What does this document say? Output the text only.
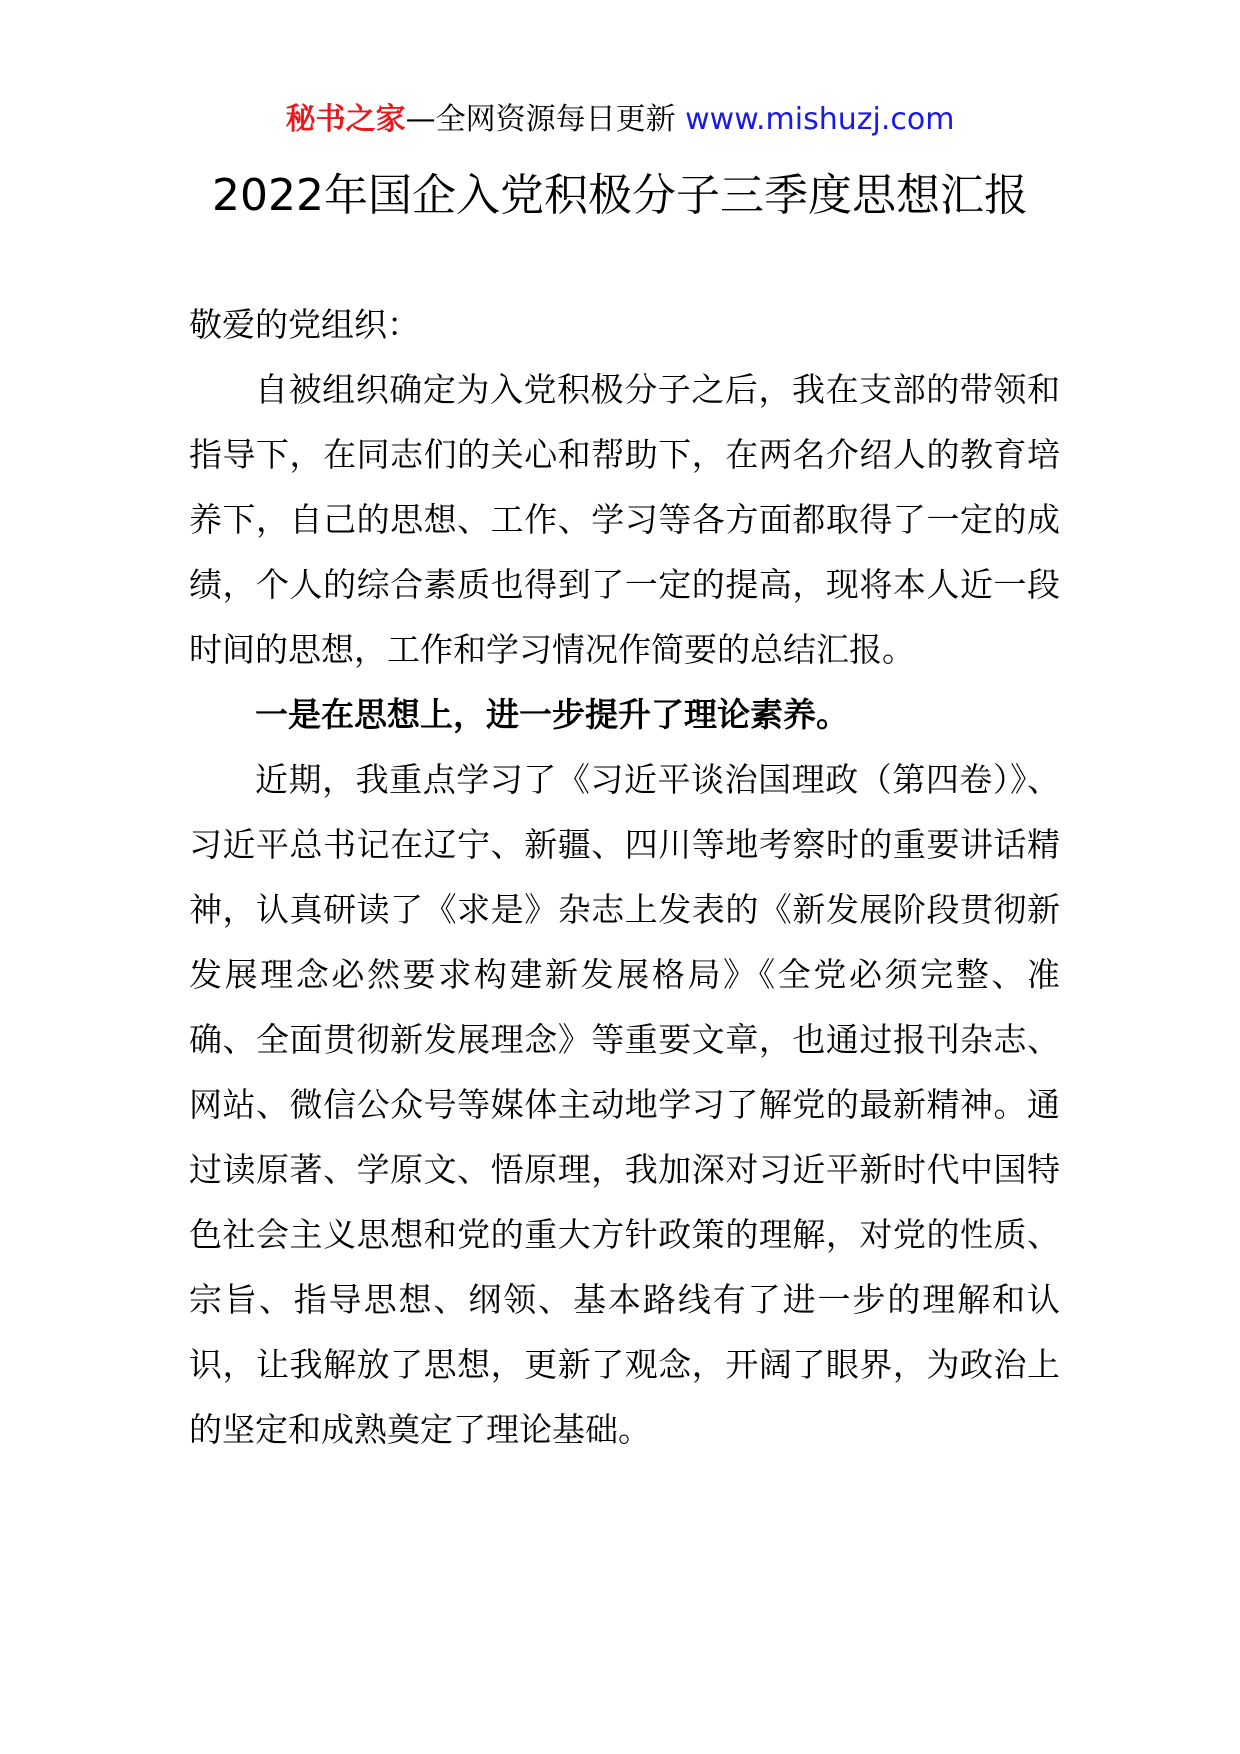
秘书之家—全网资源每日更新 www.mishuzj.com
2022年国企入党积极分子三季度思想汇报

敬爱的党组织：

自被组织确定为入党积极分子之后，我在支部的带领和指导下，在同志们的关心和帮助下，在两名介绍人的教育培养下，自己的思想、工作、学习等各方面都取得了一定的成绩，个人的综合素质也得到了一定的提高，现将本人近一段时间的思想，工作和学习情况作简要的总结汇报。

一是在思想上，进一步提升了理论素养。

近期，我重点学习了《习近平谈治国理政（第四卷）》、习近平总书记在辽宁、新疆、四川等地考察时的重要讲话精神，认真研读了《求是》杂志上发表的《新发展阶段贯彻新发展理念必然要求构建新发展格局》《全党必须完整、准确、全面贯彻新发展理念》等重要文章，也通过报刊杂志、网站、微信公众号等媒体主动地学习了解党的最新精神。通过读原著、学原文、悟原理，我加深对习近平新时代中国特色社会主义思想和党的重大方针政策的理解，对党的性质、宗旨、指导思想、纲领、基本路线有了进一步的理解和认识，让我解放了思想，更新了观念，开阔了眼界，为政治上的坚定和成熟奠定了理论基础。
